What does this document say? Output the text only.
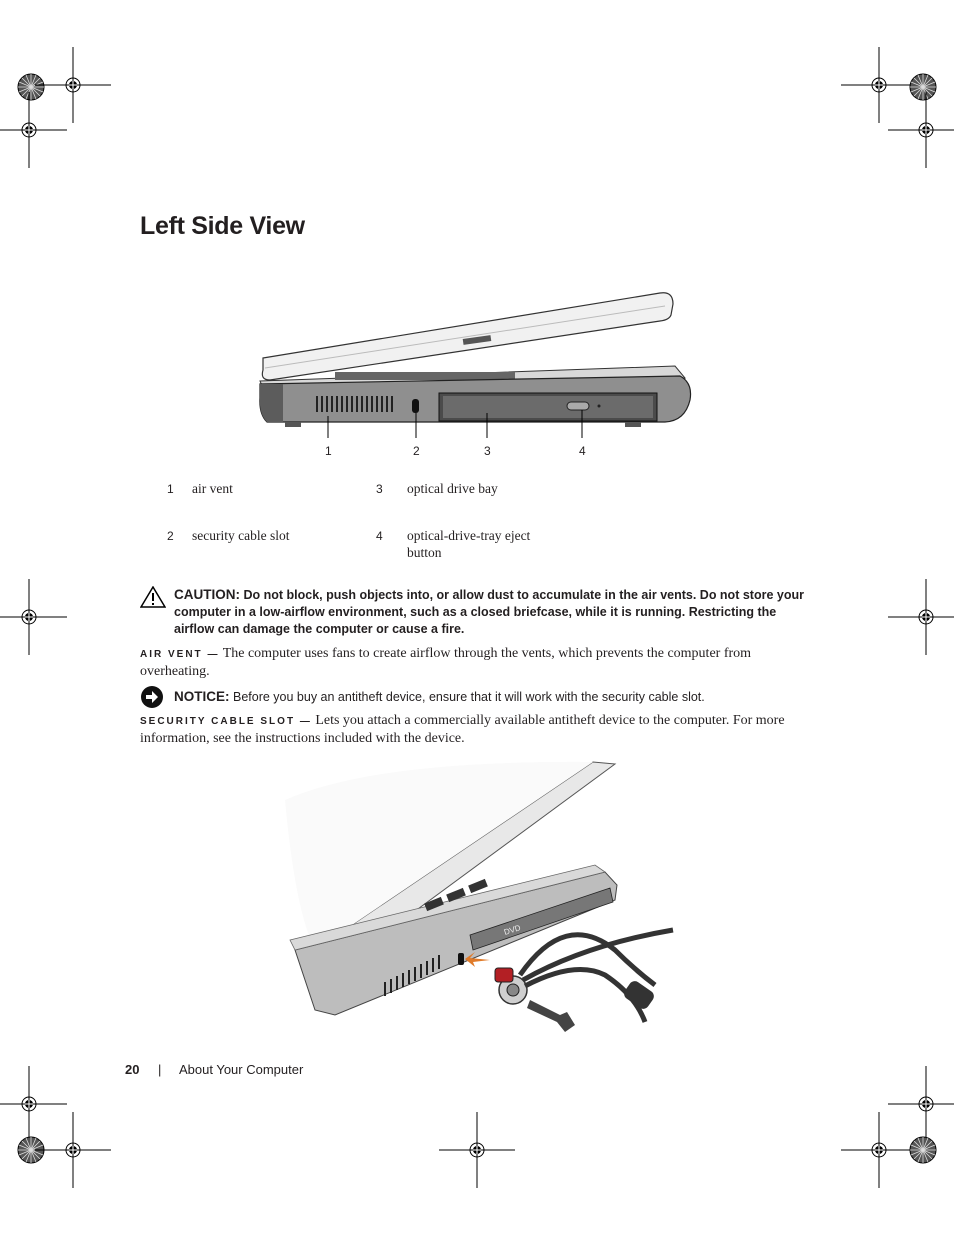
Left Side View
1	2	3	4
1 air vent	3 optical drive bay
2 security cable slot	4 optical-drive-tray eject button
CAUTION: Do not block, push objects into, or allow dust to accumulate in the air vents. Do not store your computer in a low-airflow environment, such as a closed briefcase, while it is running. Restricting the airflow can damage the computer or cause a fire.
AIR VENT — The computer uses fans to create airflow through the vents, which prevents the computer from overheating.
NOTICE: Before you buy an antitheft device, ensure that it will work with the security cable slot.
SECURITY CABLE SLOT — Lets you attach a commercially available antitheft device to the computer. For more information, see the instructions included with the device.
DVD
20 | About Your Computer
